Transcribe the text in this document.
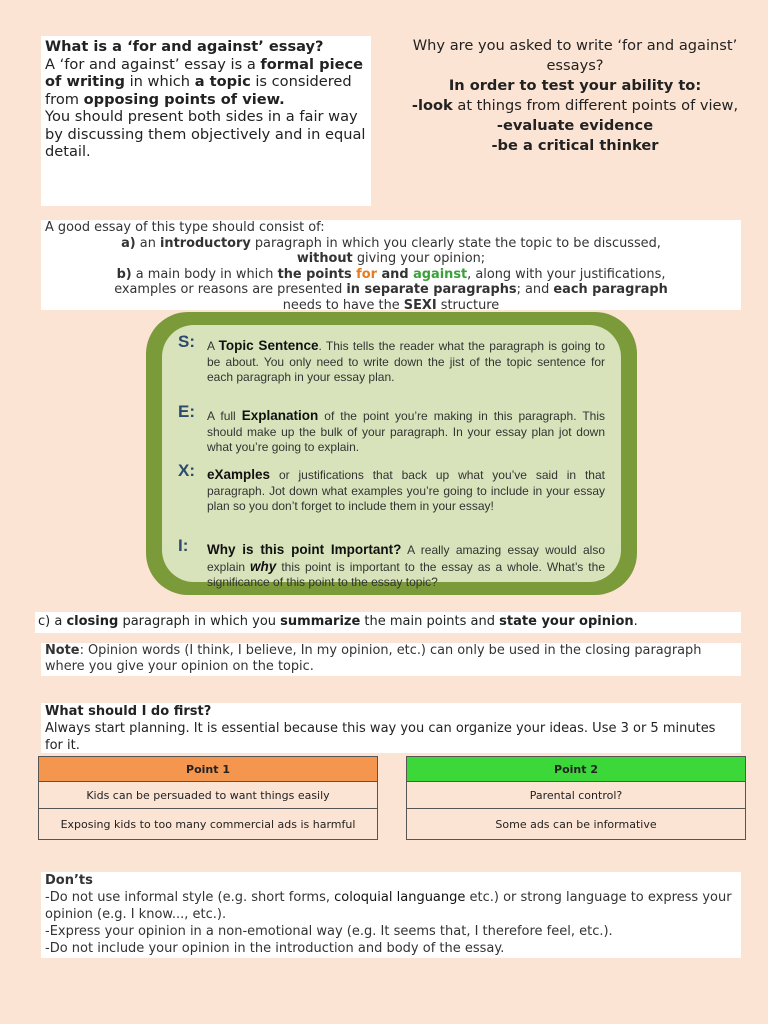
What is a ‘for and against’ essay?
A ‘for and against’ essay is a formal piece of writing in which a topic is considered from opposing points of view.
You should present both sides in a fair way by discussing them objectively and in equal detail.
Why are you asked to write ‘for and against’ essays?
In order to test your ability to:
-look at things from different points of view,
-evaluate evidence
-be a critical thinker
A good essay of this type should consist of:
a) an introductory paragraph in which you clearly state the topic to be discussed,
without giving your opinion;
b) a main body in which the points for and against, along with your justifications,
examples or reasons are presented in separate paragraphs; and each paragraph
needs to have the SEXI structure
S: A Topic Sentence. This tells the reader what the paragraph is going to be about. You only need to write down the jist of the topic sentence for each paragraph in your essay plan.
E: A full Explanation of the point you’re making in this paragraph. This should make up the bulk of your paragraph. In your essay plan jot down what you’re going to explain.
X: eXamples or justifications that back up what you’ve said in that paragraph. Jot down what examples you’re going to include in your essay plan so you don’t forget to include them in your essay!
I: Why is this point Important? A really amazing essay would also explain why this point is important to the essay as a whole. What’s the significance of this point to the essay topic?
c) a closing paragraph in which you summarize the main points and state your opinion.
Note: Opinion words (I think, I believe, In my opinion, etc.) can only be used in the closing paragraph where you give your opinion on the topic.
What should I do first?
Always start planning. It is essential because this way you can organize your ideas. Use 3 or 5 minutes for it.
Point 1
Kids can be persuaded to want things easily
Exposing kids to too many commercial ads is harmful
Point 2
Parental control?
Some ads can be informative
Don’ts
-Do not use informal style (e.g. short forms, coloquial languange etc.) or strong language to express your opinion (e.g. I know..., etc.).
-Express your opinion in a non-emotional way (e.g. It seems that, I therefore feel, etc.).
-Do not include your opinion in the introduction and body of the essay.
